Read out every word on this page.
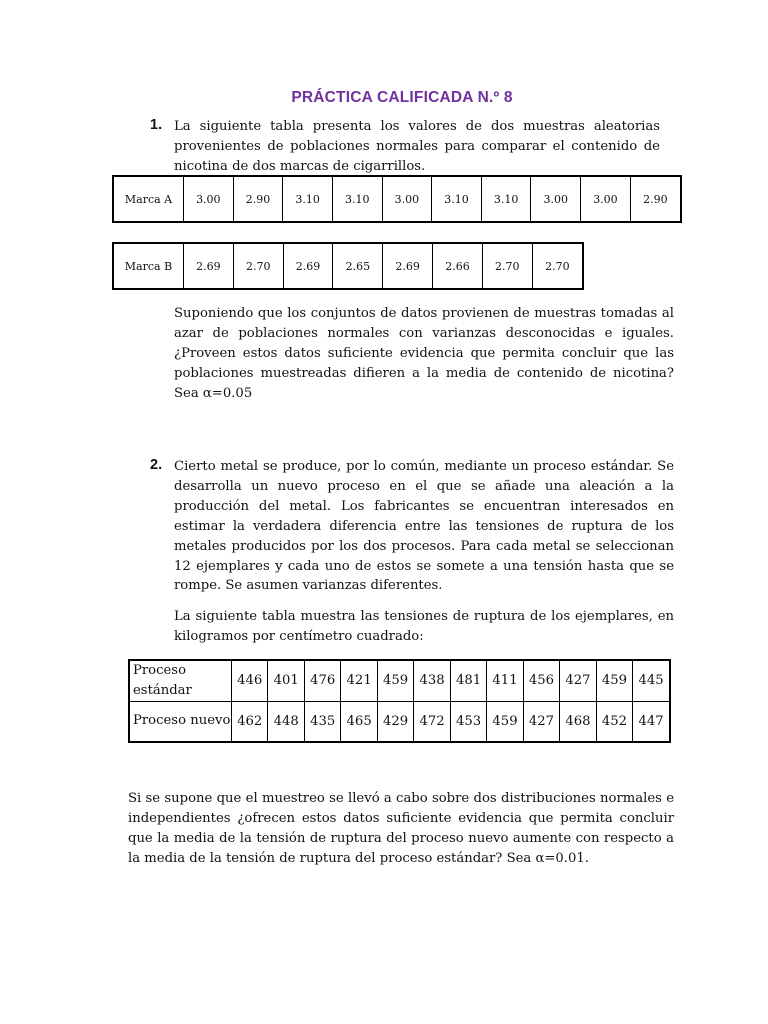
PRÁCTICA CALIFICADA N.º 8
1. La siguiente tabla presenta los valores de dos muestras aleatorias provenientes de poblaciones normales para comparar el contenido de nicotina de dos marcas de cigarrillos.

Marca A	3.00	2.90	3.10	3.10	3.00	3.10	3.10	3.00	3.00	2.90
Marca B	2.69	2.70	2.69	2.65	2.69	2.66	2.70	2.70

Suponiendo que los conjuntos de datos provienen de muestras tomadas al azar de poblaciones normales con varianzas desconocidas e iguales. ¿Proveen estos datos suficiente evidencia que permita concluir que las poblaciones muestreadas difieren a la media de contenido de nicotina? Sea α=0.05

2. Cierto metal se produce, por lo común, mediante un proceso estándar. Se desarrolla un nuevo proceso en el que se añade una aleación a la producción del metal. Los fabricantes se encuentran interesados en estimar la verdadera diferencia entre las tensiones de ruptura de los metales producidos por los dos procesos. Para cada metal se seleccionan 12 ejemplares y cada uno de estos se somete a una tensión hasta que se rompe. Se asumen varianzas diferentes.

La siguiente tabla muestra las tensiones de ruptura de los ejemplares, en kilogramos por centímetro cuadrado:

Proceso estándar	446	401	476	421	459	438	481	411	456	427	459	445
Proceso nuevo	462	448	435	465	429	472	453	459	427	468	452	447

Si se supone que el muestreo se llevó a cabo sobre dos distribuciones normales e independientes ¿ofrecen estos datos suficiente evidencia que permita concluir que la media de la tensión de ruptura del proceso nuevo aumente con respecto a la media de la tensión de ruptura del proceso estándar? Sea α=0.01.
